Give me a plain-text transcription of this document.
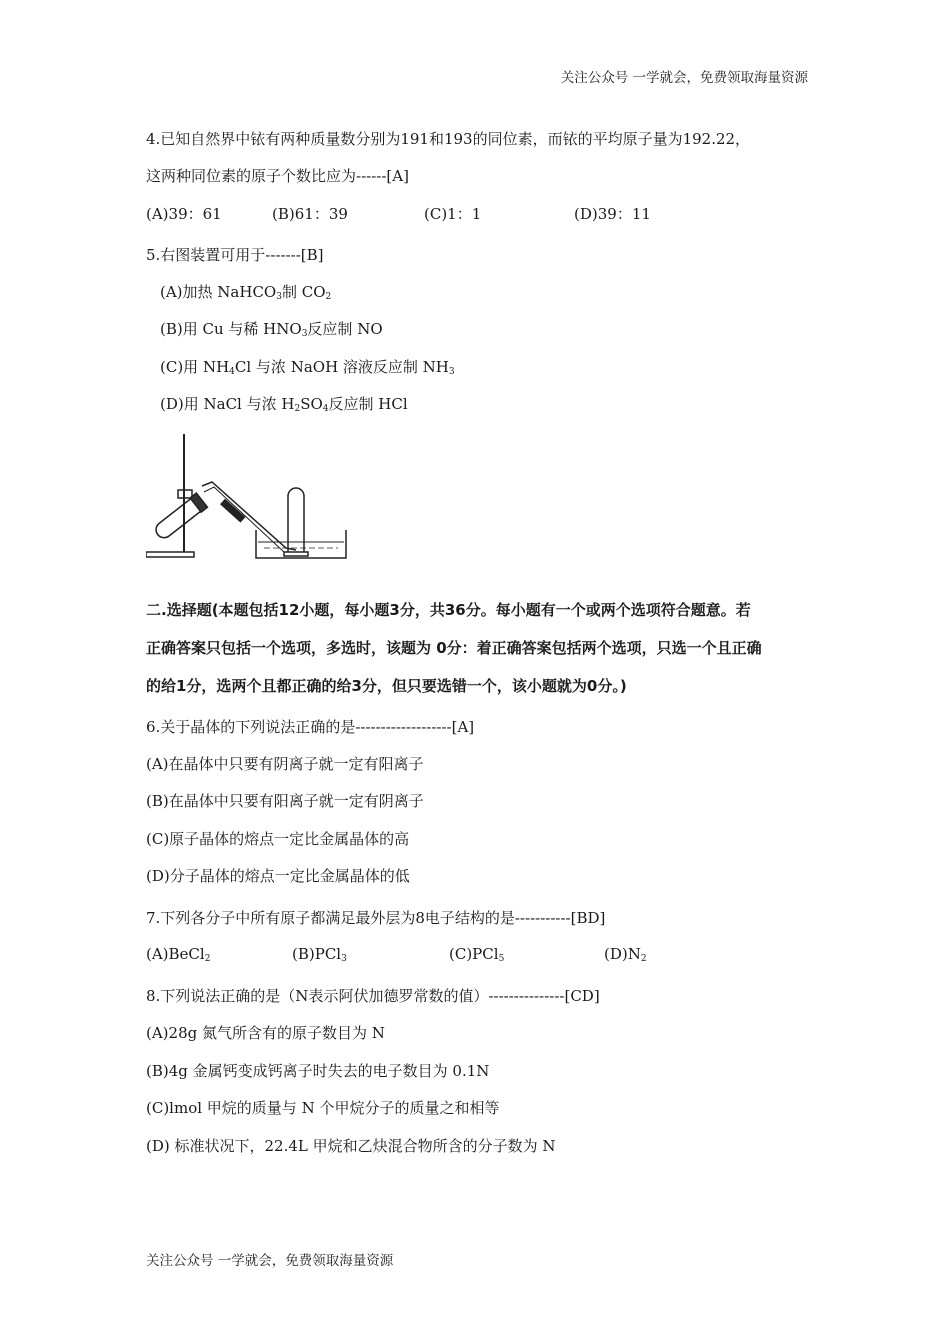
关注公众号 一学就会，免费领取海量资源
4.已知自然界中铱有两种质量数分别为191和193的同位素，而铱的平均原子量为192.22，
这两种同位素的原子个数比应为------[A]
(A)39：61	(B)61：39	(C)1：1	(D)39：11
5.右图装置可用于-------[B]
(A)加热 NaHCO$_3$制 $CO_2$
(B)用 Cu 与稀 $HNO_3$反应制 NO
(C)用 $NH_4Cl$ 与浓 NaOH 溶液反应制 $NH_3$
(D)用 NaCl 与浓 $H_2SO_4$反应制 HCl
二.选择题(本题包括12小题，每小题3分，共36分。每小题有一个或两个选项符合题意。若
正确答案只包括一个选项，多选时，该题为 0分：着正确答案包括两个选项，只选一个且正确
的给1分，选两个且都正确的给3分，但只要选错一个，该小题就为0分。)
6.关于晶体的下列说法正确的是-------------------[A]
(A)在晶体中只要有阴离子就一定有阳离子
(B)在晶体中只要有阳离子就一定有阴离子
(C)原子晶体的熔点一定比金属晶体的高
(D)分子晶体的熔点一定比金属晶体的低
7.下列各分子中所有原子都满足最外层为8电子结构的是-----------[BD]
(A)BeCl$_2$	(B)PCl$_3$	(C)PCl$_5$	$(D)N_2$
8.下列说法正确的是（N表示阿伏加德罗常数的值）---------------[CD]
(A)28g 氮气所含有的原子数目为 N
(B)4g 金属钙变成钙离子时失去的电子数目为 0.1N
(C)lmol 甲烷的质量与 N 个甲烷分子的质量之和相等
(D) 标准状况下，22.4L 甲烷和乙炔混合物所含的分子数为 N
关注公众号 一学就会，免费领取海量资源
